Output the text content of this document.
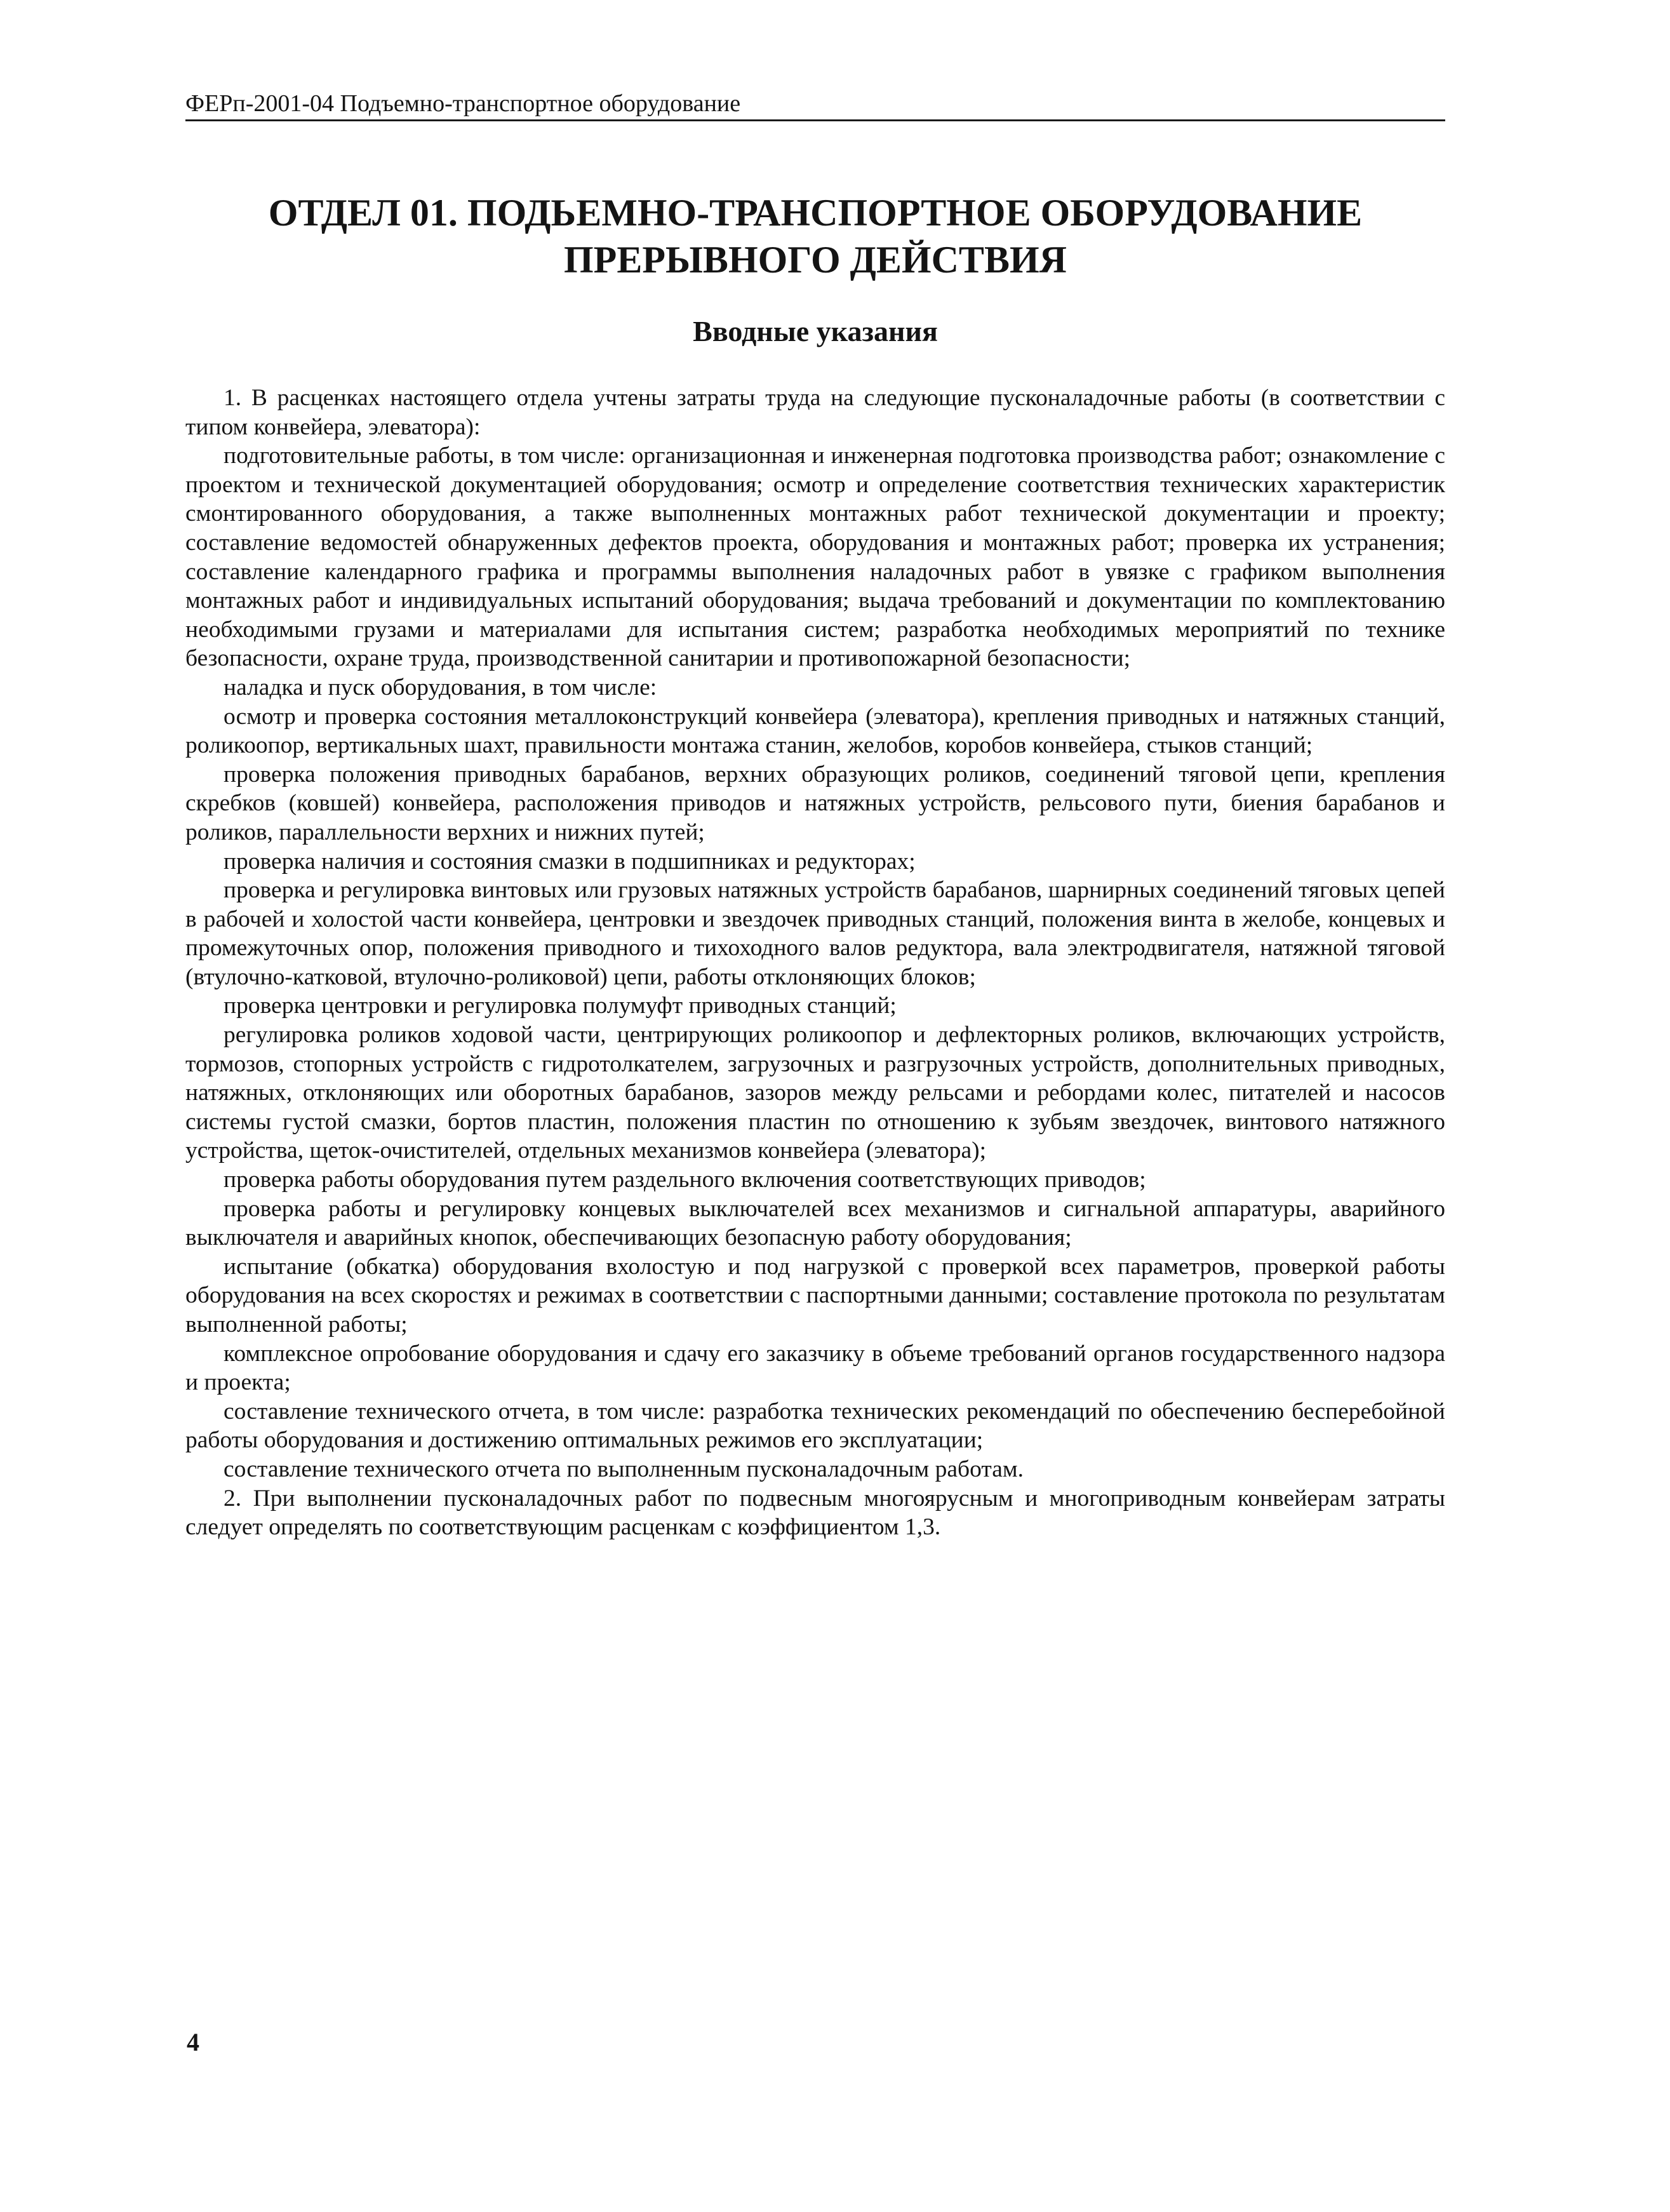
ФЕРп-2001-04 Подъемно-транспортное оборудование
ОТДЕЛ 01. ПОДЬЕМНО-ТРАНСПОРТНОЕ ОБОРУДОВАНИЕ
ПРЕРЫВНОГО ДЕЙСТВИЯ
Вводные указания

1. В расценках настоящего отдела учтены затраты труда на следующие пусконаладочные работы (в соответствии с типом конвейера, элеватора):

подготовительные работы, в том числе: организационная и инженерная подготовка производства работ; ознакомление с проектом и технической документацией оборудования; осмотр и определение соответствия технических характеристик смонтированного оборудования, а также выполненных монтажных работ технической документации и проекту; составление ведомостей обнаруженных дефектов проекта, оборудования и монтажных работ; проверка их устранения; составление календарного графика и программы выполнения наладочных работ в увязке с графиком выполнения монтажных работ и индивидуальных испытаний оборудования; выдача требований и документации по комплектованию необходимыми грузами и материалами для испытания систем; разработка необходимых мероприятий по технике безопасности, охране труда, производственной санитарии и противопожарной безопасности;

наладка и пуск оборудования, в том числе:

осмотр и проверка состояния металлоконструкций конвейера (элеватора), крепления приводных и натяжных станций, роликоопор, вертикальных шахт, правильности монтажа станин, желобов, коробов конвейера, стыков станций;

проверка положения приводных барабанов, верхних образующих роликов, соединений тяговой цепи, крепления скребков (ковшей) конвейера, расположения приводов и натяжных устройств, рельсового пути, биения барабанов и роликов, параллельности верхних и нижних путей;

проверка наличия и состояния смазки в подшипниках и редукторах;

проверка и регулировка винтовых или грузовых натяжных устройств барабанов, шарнирных соединений тяговых цепей в рабочей и холостой части конвейера, центровки и звездочек приводных станций, положения винта в желобе, концевых и промежуточных опор, положения приводного и тихоходного валов редуктора, вала электродвигателя, натяжной тяговой (втулочно-катковой, втулочно-роликовой) цепи, работы отклоняющих блоков;

проверка центровки и регулировка полумуфт приводных станций;

регулировка роликов ходовой части, центрирующих роликоопор и дефлекторных роликов, включающих устройств, тормозов, стопорных устройств с гидротолкателем, загрузочных и разгрузочных устройств, дополнительных приводных, натяжных, отклоняющих или оборотных барабанов, зазоров между рельсами и ребордами колес, питателей и насосов системы густой смазки, бортов пластин, положения пластин по отношению к зубьям звездочек, винтового натяжного устройства, щеток-очистителей, отдельных механизмов конвейера (элеватора);

проверка работы оборудования путем раздельного включения соответствующих приводов;

проверка работы и регулировку концевых выключателей всех механизмов и сигнальной аппаратуры, аварийного выключателя и аварийных кнопок, обеспечивающих безопасную работу оборудования;

испытание (обкатка) оборудования вхолостую и под нагрузкой с проверкой всех параметров, проверкой работы оборудования на всех скоростях и режимах в соответствии с паспортными данными; составление протокола по результатам выполненной работы;

комплексное опробование оборудования и сдачу его заказчику в объеме требований органов государственного надзора и проекта;

составление технического отчета, в том числе: разработка технических рекомендаций по обеспечению бесперебойной работы оборудования и достижению оптимальных режимов его эксплуатации;

составление технического отчета по выполненным пусконаладочным работам.

2. При выполнении пусконаладочных работ по подвесным многоярусным и многоприводным конвейерам затраты следует определять по соответствующим расценкам с коэффициентом 1,3.

4
